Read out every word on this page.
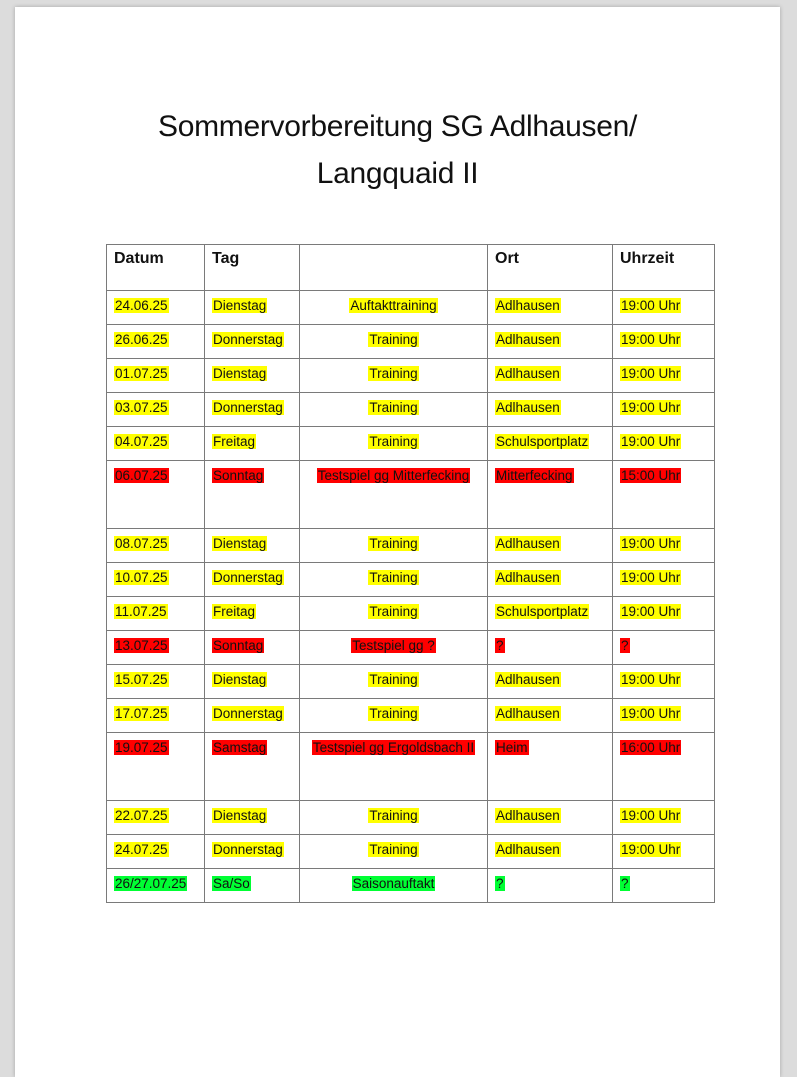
Sommervorbereitung SG Adlhausen/
Langquaid II
Datum	Tag		Ort	Uhrzeit
24.06.25	Dienstag	Auftakttraining	Adlhausen	19:00 Uhr
26.06.25	Donnerstag	Training	Adlhausen	19:00 Uhr
01.07.25	Dienstag	Training	Adlhausen	19:00 Uhr
03.07.25	Donnerstag	Training	Adlhausen	19:00 Uhr
04.07.25	Freitag	Training	Schulsportplatz	19:00 Uhr
06.07.25	Sonntag	Testspiel gg Mitterfecking	Mitterfecking	15:00 Uhr
08.07.25	Dienstag	Training	Adlhausen	19:00 Uhr
10.07.25	Donnerstag	Training	Adlhausen	19:00 Uhr
11.07.25	Freitag	Training	Schulsportplatz	19:00 Uhr
13.07.25	Sonntag	Testspiel gg ?	?	?
15.07.25	Dienstag	Training	Adlhausen	19:00 Uhr
17.07.25	Donnerstag	Training	Adlhausen	19:00 Uhr
19.07.25	Samstag	Testspiel gg Ergoldsbach II	Heim	16:00 Uhr
22.07.25	Dienstag	Training	Adlhausen	19:00 Uhr
24.07.25	Donnerstag	Training	Adlhausen	19:00 Uhr
26/27.07.25	Sa/So	Saisonauftakt	?	?
